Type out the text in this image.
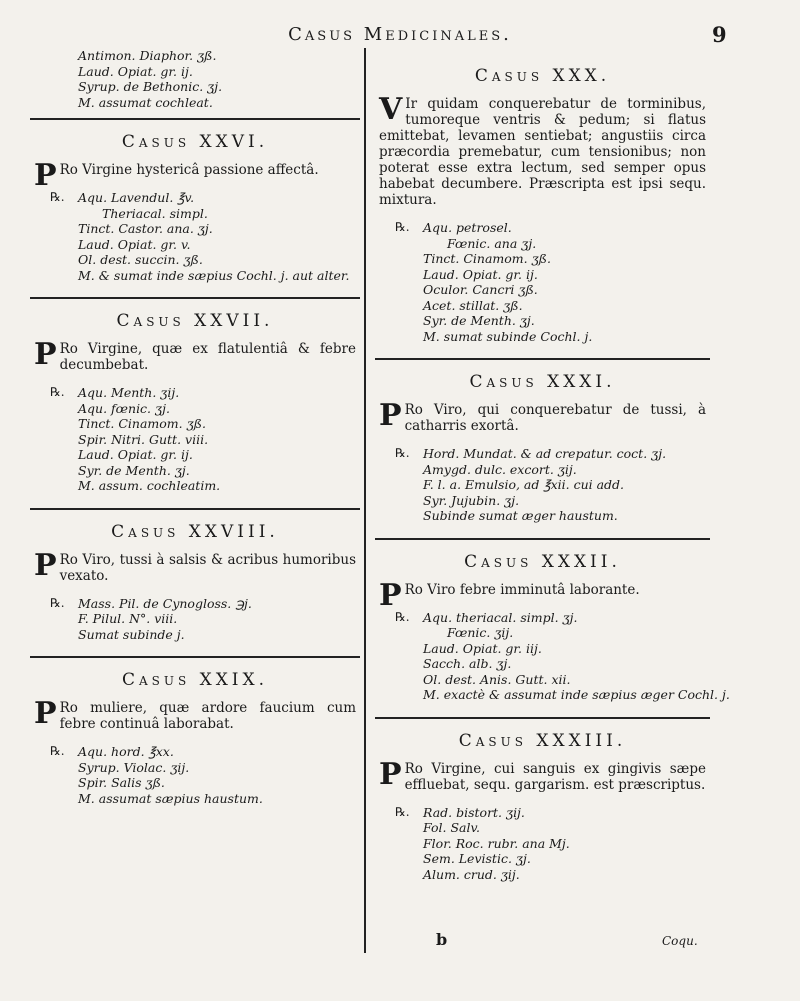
Casus Medicinales.	9
Antimon. Diaphor. ʒß.
Laud. Opiat. gr. ij.
Syrup. de Bethonic. ʒj.
M. assumat cochleat.
Casus XXVI.

P Ro Virgine hystericâ passione affectâ.

℞. Aqu. Lavendul. ℥v.
Theriacal. simpl.
Tinct. Castor. ana. ʒj.
Laud. Opiat. gr. v.
Ol. dest. succin. ʒß.
M. & sumat inde sæpius Cochl. j. aut alter.
Casus XXVII.

P Ro Virgine, quæ ex flatulentiâ & febre decumbebat.

℞. Aqu. Menth. ʒij.
Aqu. fœnic. ʒj.
Tinct. Cinamom. ʒß.
Spir. Nitri. Gutt. viii.
Laud. Opiat. gr. ij.
Syr. de Menth. ʒj.
M. assum. cochleatim.
Casus XXVIII.

P Ro Viro, tussi à salsis & acribus humoribus vexato.

℞. Mass. Pil. de Cynogloss. ℈j.
F. Pilul. N°. viii.
Sumat subinde j.
Casus XXIX.

P Ro muliere, quæ ardore faucium cum febre continuâ laborabat.

℞. Aqu. hord. ℥xx.
Syrup. Violac. ʒij.
Spir. Salis ʒß.
M. assumat sæpius haustum.
Casus XXX.

V Ir quidam conquerebatur de torminibus, tumoreque ventris & pedum; si flatus emittebat, levamen sentiebat; angustiis circa præcordia premebatur, cum tensionibus; non poterat esse extra lectum, sed semper opus habebat decumbere. Præscripta est ipsi sequ. mixtura.

℞. Aqu. petrosel.
Fœnic. ana ʒj.
Tinct. Cinamom. ʒß.
Laud. Opiat. gr. ij.
Oculor. Cancri ʒß.
Acet. stillat. ʒß.
Syr. de Menth. ʒj.
M. sumat subinde Cochl. j.
Casus XXXI.

P Ro Viro, qui conquerebatur de tussi, à catharris exortâ.

℞. Hord. Mundat. & ad crepatur. coct. ʒj.
Amygd. dulc. excort. ʒij.
F. l. a. Emulsio, ad ℥xii. cui add.
Syr. Jujubin. ʒj.
Subinde sumat æger haustum.
Casus XXXII.

P Ro Viro febre imminutâ laborante.

℞. Aqu. theriacal. simpl. ʒj.
Fœnic. ʒij.
Laud. Opiat. gr. iij.
Sacch. alb. ʒj.
Ol. dest. Anis. Gutt. xii.
M. exactè & assumat inde sæpius æger Cochl. j.
Casus XXXIII.

P Ro Virgine, cui sanguis ex gingivis sæpe effluebat, sequ. gargarism. est præscriptus.

℞. Rad. bistort. ʒij.
Fol. Salv.
Flor. Rос. rubr. ana Mj.
Sem. Levistic. ʒj.
Alum. crud. ʒij.
b	Coqu.
